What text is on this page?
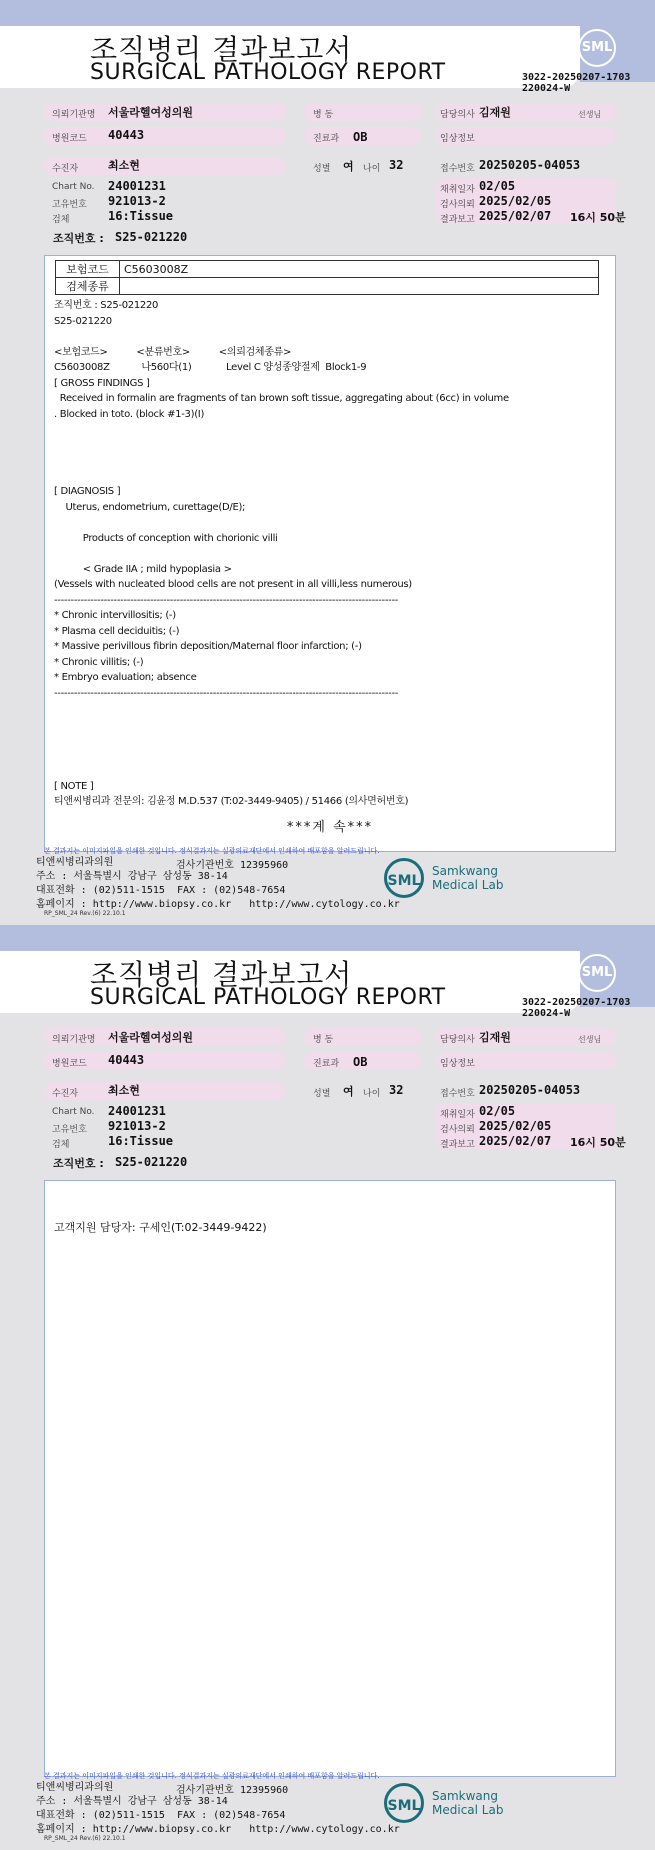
SML
조직병리 결과보고서
SURGICAL PATHOLOGY REPORT	3022-20250207-1703
220024-W
의뢰기관명 서울라헬여성의원
병원코드 40443
수진자	최소현
Chart No. 24001231
고유번호 921013-2
검체	16:Tissue
조직번호 : S25-021220
병 동
진료과 OB
성별 여 나이 32
담당의사 김재원	선생님
임상정보
접수번호 20250205-04053
채취일자 02/05
검사의뢰 2025/02/05
결과보고 2025/02/07 16시 50분
보험코드	C5603008Z
검체종류	
조직번호 : S25-021220
S25-021220

<보험코드>          <분류번호>          <의뢰검체종류>
C5603008Z           나560다(1)            Level C 양성종양절제  Block1-9
[ GROSS FINDINGS ]
Received in formalin are fragments of tan brown soft tissue, aggregating about (6cc) in volume
. Blocked in toto. (block #1-3)(I)

[ DIAGNOSIS ]
Uterus, endometrium, curettage(D/E);

Products of conception with chorionic villi

< Grade IIA ; mild hypoplasia >
(Vessels with nucleated blood cells are not present in all villi,less numerous)
--------------------------------------------------------------------------------------------------------
* Chronic intervillositis; (-)
* Plasma cell deciduitis; (-)
* Massive perivillous fibrin deposition/Maternal floor infarction; (-)
* Chronic villitis; (-)
* Embryo evaluation; absence
--------------------------------------------------------------------------------------------------------

[ NOTE ]
티앤씨병리과 전문의: 김윤정 M.D.537 (T:02-3449-9405) / 51466 (의사면허번호)
***계 속***
본 결과지는 이미지파일을 인쇄한 것입니다. 정식결과지는 실광의료재단에서 인쇄하여 배포함을 알려드립니다.
티앤씨병리과의원
주소 : 서울특별시 강남구 삼성동 38-14
대표전화 : (02)511-1515  FAX : (02)548-7654
홈페이지 : http://www.biopsy.co.kr   http://www.cytology.co.kr
검사기관번호 12395960
RP_SML_24 Rev.(6) 22.10.1
SML
Samkwang
Medical Lab
SML
조직병리 결과보고서
SURGICAL PATHOLOGY REPORT	3022-20250207-1703
220024-W
의뢰기관명 서울라헬여성의원
병원코드 40443
수진자	최소현
Chart No. 24001231
고유번호 921013-2
검체	16:Tissue
조직번호 : S25-021220
병 동
진료과 OB
성별 여 나이 32
담당의사 김재원	선생님
임상정보
접수번호 20250205-04053
채취일자 02/05
검사의뢰 2025/02/05
결과보고 2025/02/07 16시 50분
고객지원 담당자: 구세인(T:02-3449-9422)
본 결과지는 이미지파일을 인쇄한 것입니다. 정식결과지는 실광의료재단에서 인쇄하여 배포함을 알려드립니다.
티앤씨병리과의원
주소 : 서울특별시 강남구 삼성동 38-14
대표전화 : (02)511-1515  FAX : (02)548-7654
홈페이지 : http://www.biopsy.co.kr   http://www.cytology.co.kr
검사기관번호 12395960
RP_SML_24 Rev.(6) 22.10.1
SML
Samkwang
Medical Lab
